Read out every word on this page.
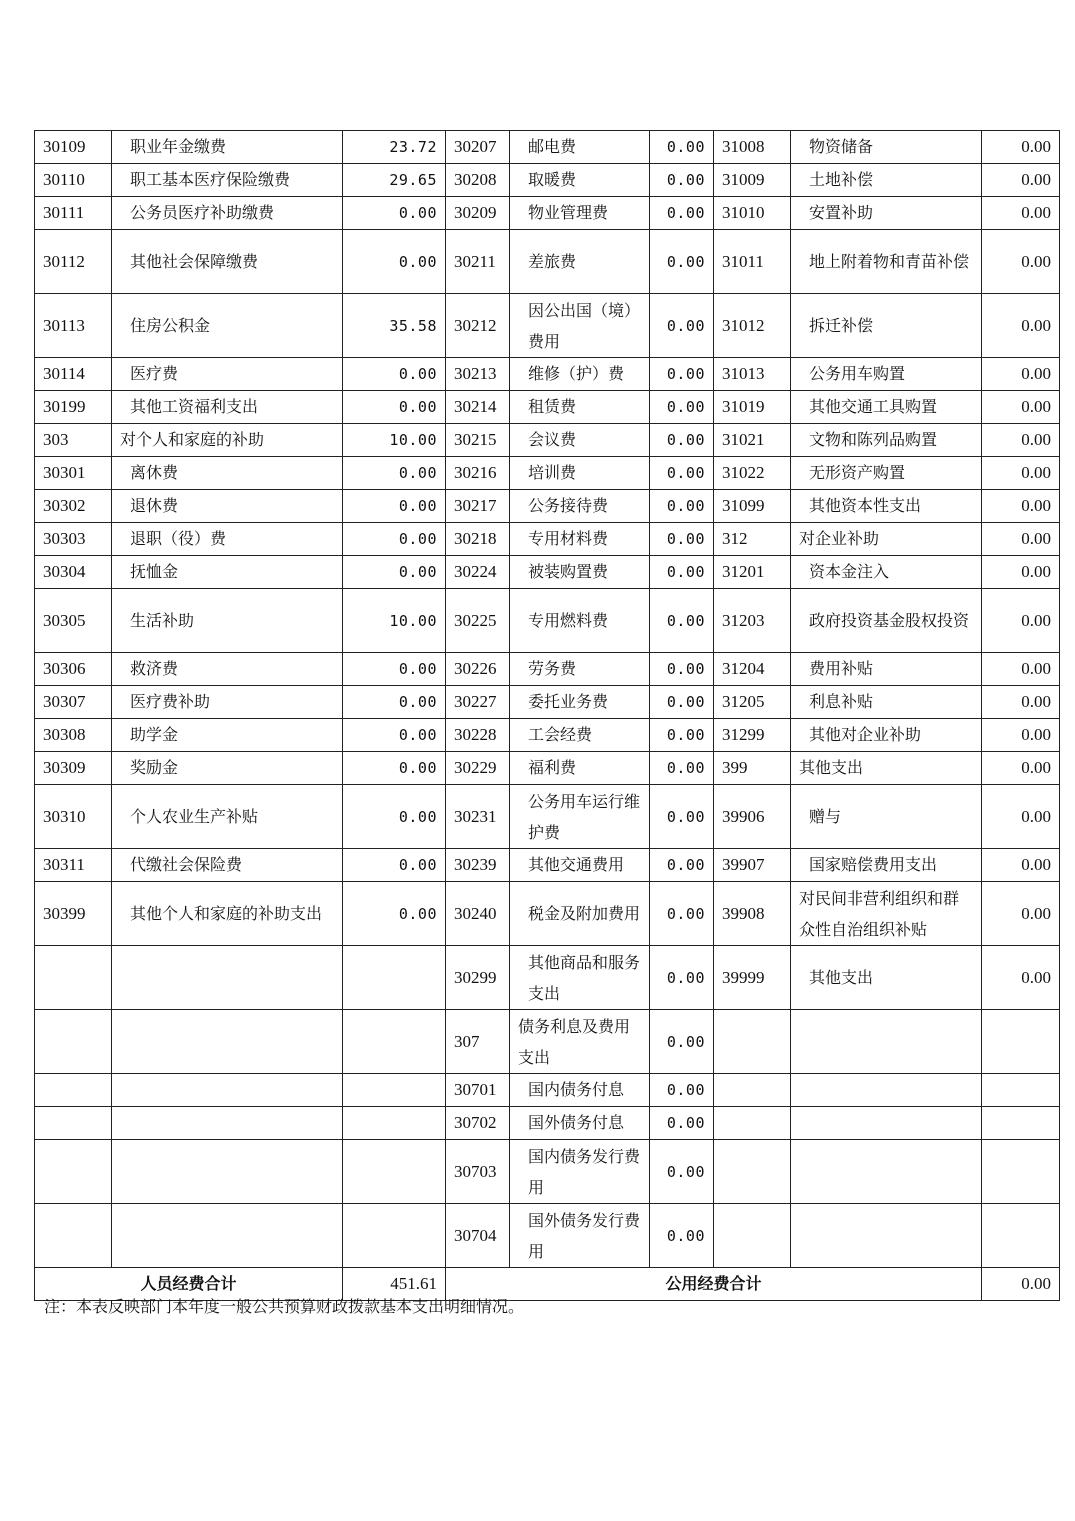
30109	职业年金缴费	23.72	30207	邮电费	0.00	31008	物资储备	0.00
30110	职工基本医疗保险缴费	29.65	30208	取暖费	0.00	31009	土地补偿	0.00
30111	公务员医疗补助缴费	0.00	30209	物业管理费	0.00	31010	安置补助	0.00
30112	其他社会保障缴费	0.00	30211	差旅费	0.00	31011	地上附着物和青苗补偿	0.00
30113	住房公积金	35.58	30212	因公出国（境）费用	0.00	31012	拆迁补偿	0.00
30114	医疗费	0.00	30213	维修（护）费	0.00	31013	公务用车购置	0.00
30199	其他工资福利支出	0.00	30214	租赁费	0.00	31019	其他交通工具购置	0.00
303	对个人和家庭的补助	10.00	30215	会议费	0.00	31021	文物和陈列品购置	0.00
30301	离休费	0.00	30216	培训费	0.00	31022	无形资产购置	0.00
30302	退休费	0.00	30217	公务接待费	0.00	31099	其他资本性支出	0.00
30303	退职（役）费	0.00	30218	专用材料费	0.00	312	对企业补助	0.00
30304	抚恤金	0.00	30224	被装购置费	0.00	31201	资本金注入	0.00
30305	生活补助	10.00	30225	专用燃料费	0.00	31203	政府投资基金股权投资	0.00
30306	救济费	0.00	30226	劳务费	0.00	31204	费用补贴	0.00
30307	医疗费补助	0.00	30227	委托业务费	0.00	31205	利息补贴	0.00
30308	助学金	0.00	30228	工会经费	0.00	31299	其他对企业补助	0.00
30309	奖励金	0.00	30229	福利费	0.00	399	其他支出	0.00
30310	个人农业生产补贴	0.00	30231	公务用车运行维护费	0.00	39906	赠与	0.00
30311	代缴社会保险费	0.00	30239	其他交通费用	0.00	39907	国家赔偿费用支出	0.00
30399	其他个人和家庭的补助支出	0.00	30240	税金及附加费用	0.00	39908	对民间非营利组织和群众性自治组织补贴	0.00
			30299	其他商品和服务支出	0.00	39999	其他支出	0.00
			307	债务利息及费用支出	0.00			
			30701	国内债务付息	0.00			
			30702	国外债务付息	0.00			
			30703	国内债务发行费用	0.00			
			30704	国外债务发行费用	0.00			
人员经费合计		451.61	公用经费合计					0.00
注：本表反映部门本年度一般公共预算财政拨款基本支出明细情况。
